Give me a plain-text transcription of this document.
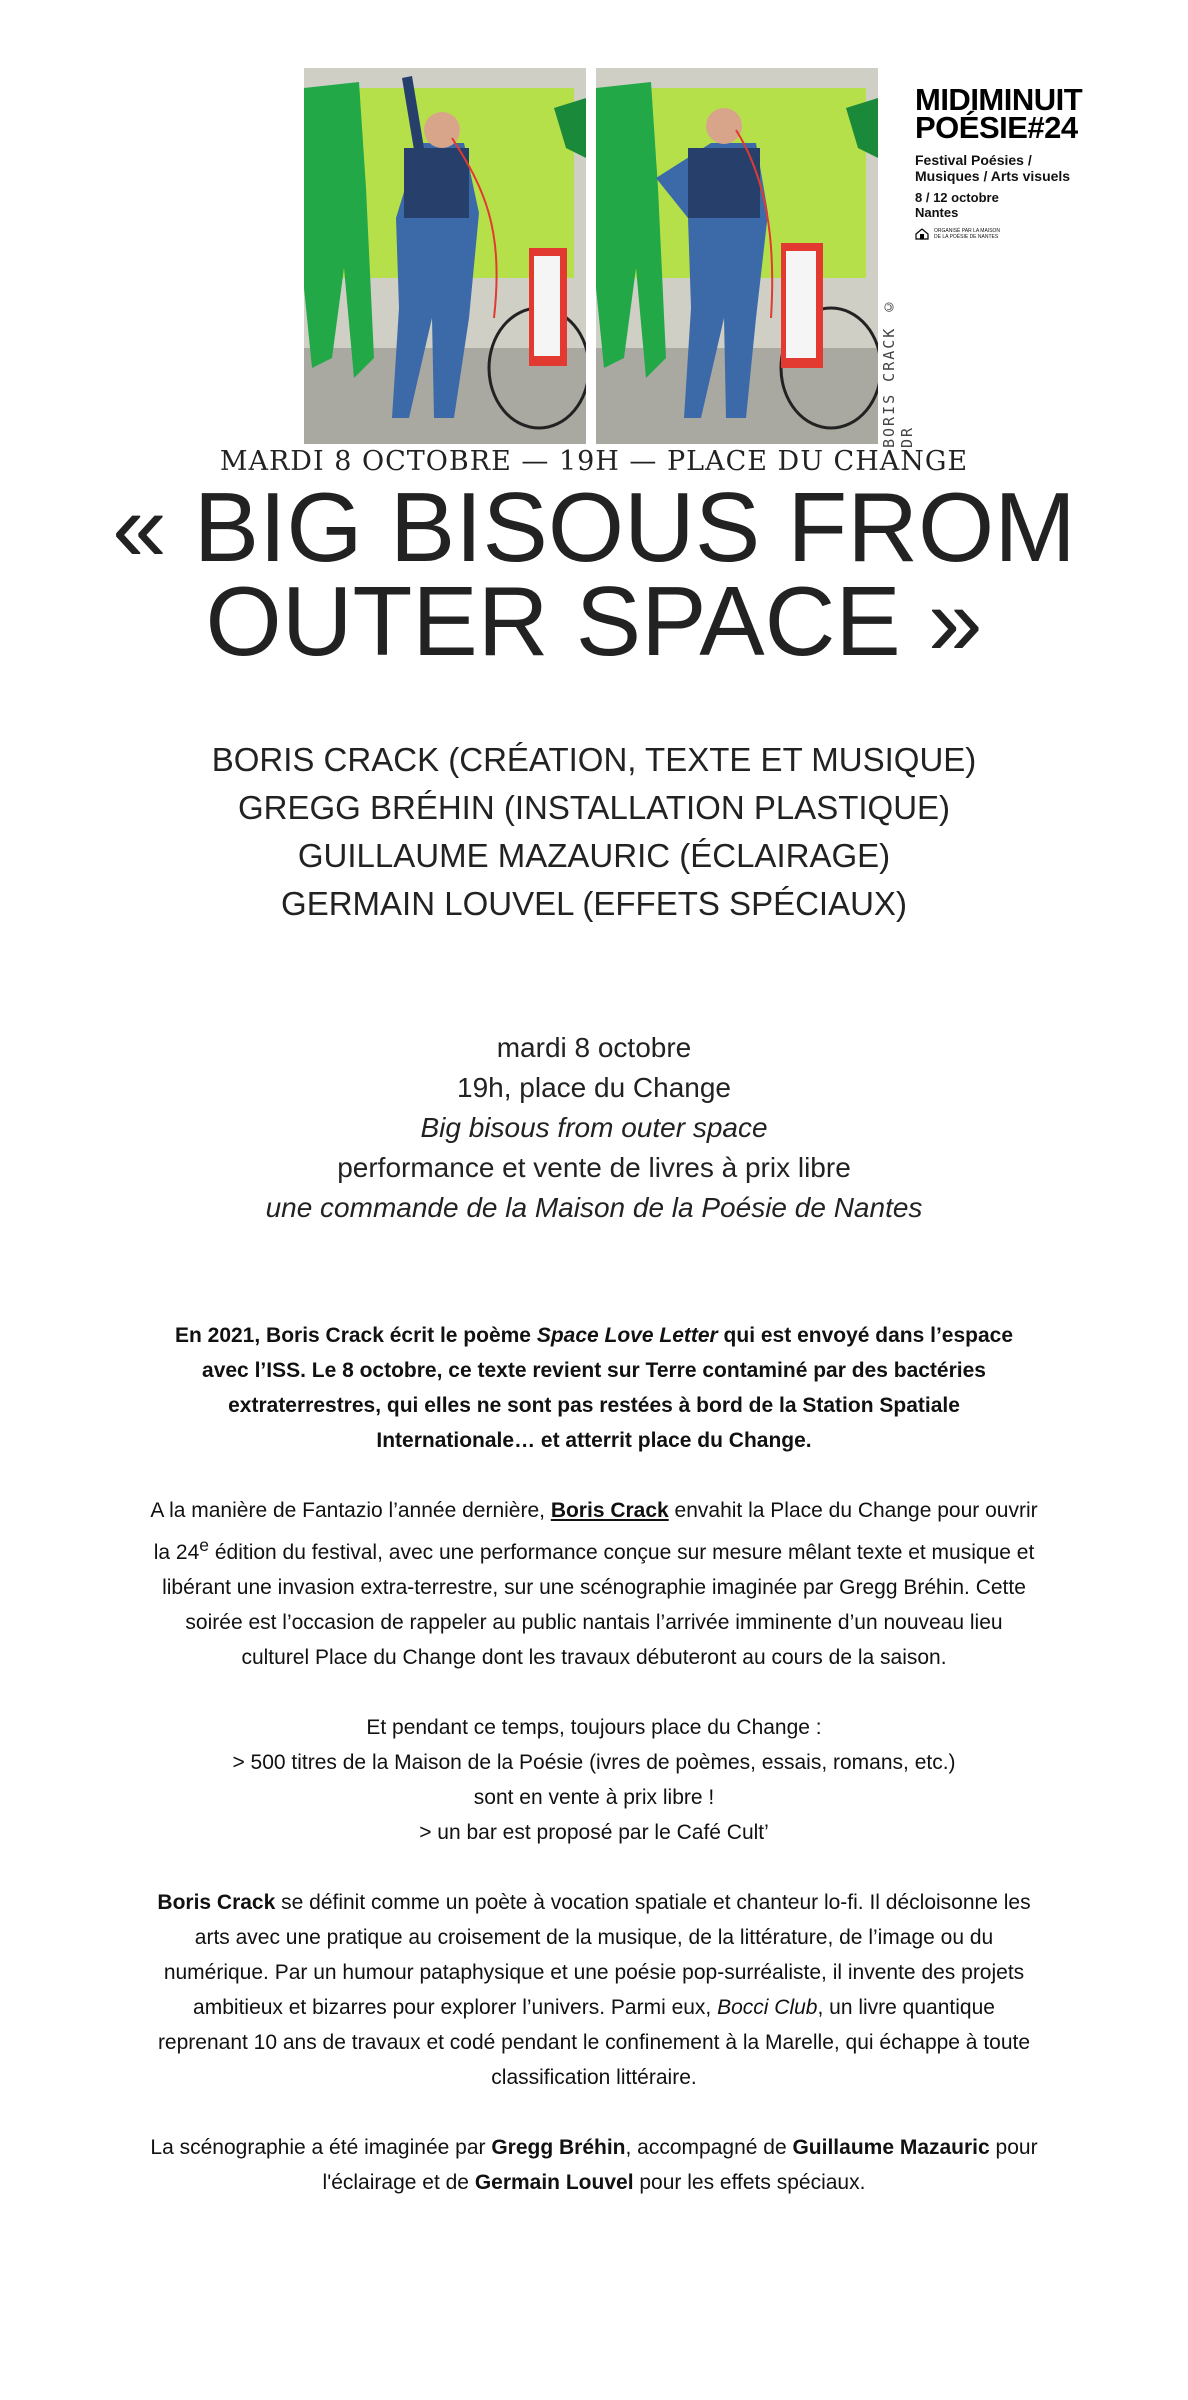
BORIS CRACK © DR
MIDIMINUIT
POÉSIE#24
Festival Poésies /
Musiques / Arts visuels
8 / 12 octobre
Nantes
ORGANISÉ PAR LA MAISON
DE LA POÉSIE DE NANTES
MARDI 8 OCTOBRE — 19H — PLACE DU CHANGE
« BIG BISOUS FROM
OUTER SPACE »
BORIS CRACK (CRÉATION, TEXTE ET MUSIQUE)
GREGG BRÉHIN (INSTALLATION PLASTIQUE)
GUILLAUME MAZAURIC (ÉCLAIRAGE)
GERMAIN LOUVEL (EFFETS SPÉCIAUX)
mardi 8 octobre
19h, place du Change
Big bisous from outer space
performance et vente de livres à prix libre
une commande de la Maison de la Poésie de Nantes

En 2021, Boris Crack écrit le poème Space Love Letter qui est envoyé dans l’espace avec l’ISS. Le 8 octobre, ce texte revient sur Terre contaminé par des bactéries extraterrestres, qui elles ne sont pas restées à bord de la Station Spatiale Internationale… et atterrit place du Change.

A la manière de Fantazio l’année dernière, Boris Crack envahit la Place du Change pour ouvrir la 24e édition du festival, avec une performance conçue sur mesure mêlant texte et musique et libérant une invasion extra-terrestre, sur une scénographie imaginée par Gregg Bréhin. Cette soirée est l’occasion de rappeler au public nantais l’arrivée imminente d’un nouveau lieu culturel Place du Change dont les travaux débuteront au cours de la saison.

Et pendant ce temps, toujours place du Change :
> 500 titres de la Maison de la Poésie (ivres de poèmes, essais, romans, etc.)
sont en vente à prix libre !
> un bar est proposé par le Café Cult’

Boris Crack se définit comme un poète à vocation spatiale et chanteur lo-fi. Il décloisonne les arts avec une pratique au croisement de la musique, de la littérature, de l’image ou du numérique. Par un humour pataphysique et une poésie pop-surréaliste, il invente des projets ambitieux et bizarres pour explorer l’univers. Parmi eux, Bocci Club, un livre quantique reprenant 10 ans de travaux et codé pendant le confinement à la Marelle, qui échappe à toute classification littéraire.

La scénographie a été imaginée par Gregg Bréhin, accompagné de Guillaume Mazauric pour l'éclairage et de Germain Louvel pour les effets spéciaux.
